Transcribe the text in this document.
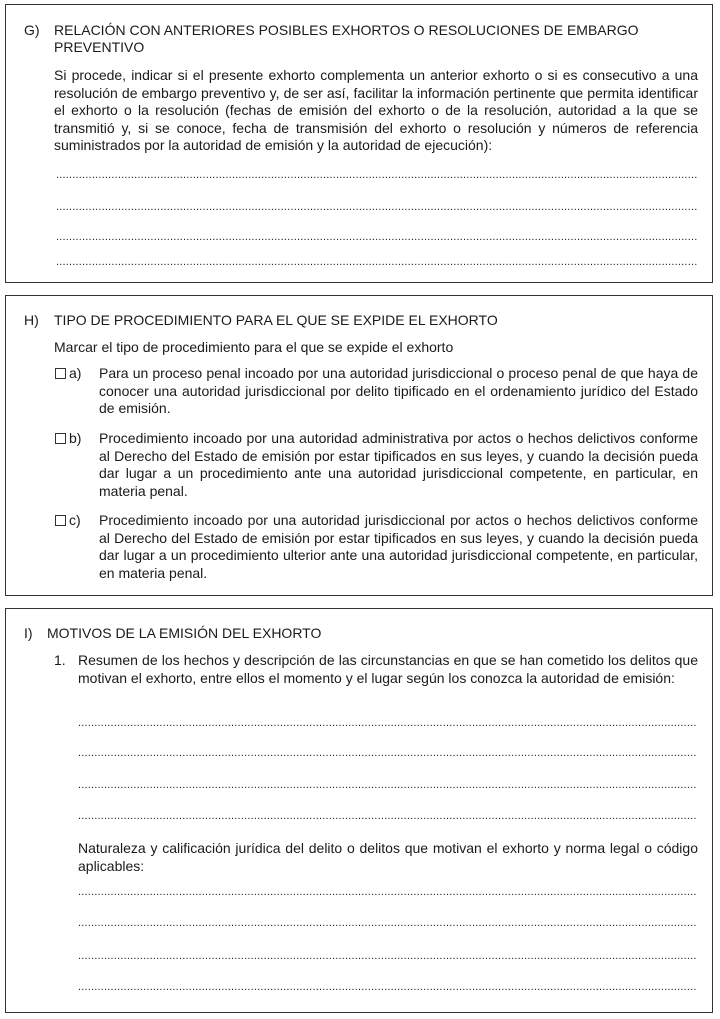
G)	RELACIÓN CON ANTERIORES POSIBLES EXHORTOS O RESOLUCIONES DE EMBARGO PREVENTIVO
Si procede, indicar si el presente exhorto complementa un anterior exhorto o si es consecutivo a una resolución de embargo preventivo y, de ser así, facilitar la información pertinente que permita identificar el exhorto o la resolución (fechas de emisión del exhorto o de la resolución, autoridad a la que se transmitió y, si se conoce, fecha de transmisión del exhorto o resolución y números de referencia suministrados por la autoridad de emisión y la autoridad de ejecución):
.....
.....
.....
.....
H)	TIPO DE PROCEDIMIENTO PARA EL QUE SE EXPIDE EL EXHORTO
Marcar el tipo de procedimiento para el que se expide el exhorto
a)	Para un proceso penal incoado por una autoridad jurisdiccional o proceso penal de que haya de conocer una autoridad jurisdiccional por delito tipificado en el ordenamiento jurídico del Estado de emisión.
b)	Procedimiento incoado por una autoridad administrativa por actos o hechos delictivos conforme al Derecho del Estado de emisión por estar tipificados en sus leyes, y cuando la decisión pueda dar lugar a un procedimiento ante una autoridad jurisdiccional competente, en particular, en materia penal.
c)	Procedimiento incoado por una autoridad jurisdiccional por actos o hechos delictivos conforme al Derecho del Estado de emisión por estar tipificados en sus leyes, y cuando la decisión pueda dar lugar a un procedimiento ulterior ante una autoridad jurisdiccional competente, en particular, en materia penal.
I)	MOTIVOS DE LA EMISIÓN DEL EXHORTO
1. Resumen de los hechos y descripción de las circunstancias en que se han cometido los delitos que motivan el exhorto, entre ellos el momento y el lugar según los conozca la autoridad de emisión:
.....
.....
.....
.....
Naturaleza y calificación jurídica del delito o delitos que motivan el exhorto y norma legal o código aplicables:
.....
.....
.....
.....
